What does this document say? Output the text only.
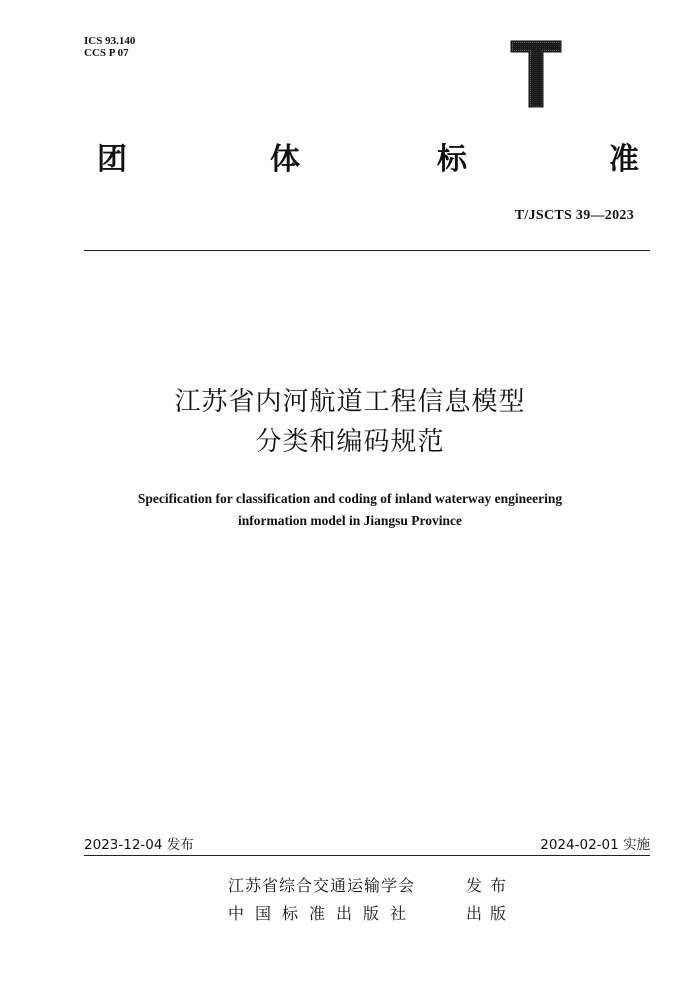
ICS 93.140
CCS P 07
团	体	标	准
T/JSCTS 39—2023
江苏省内河航道工程信息模型
分类和编码规范
Specification for classification and coding of inland waterway engineering
information model in Jiangsu Province
2023-12-04 发布	2024-02-01 实施
江苏省综合交通运输学会	发布
中国标准出版社	出版
